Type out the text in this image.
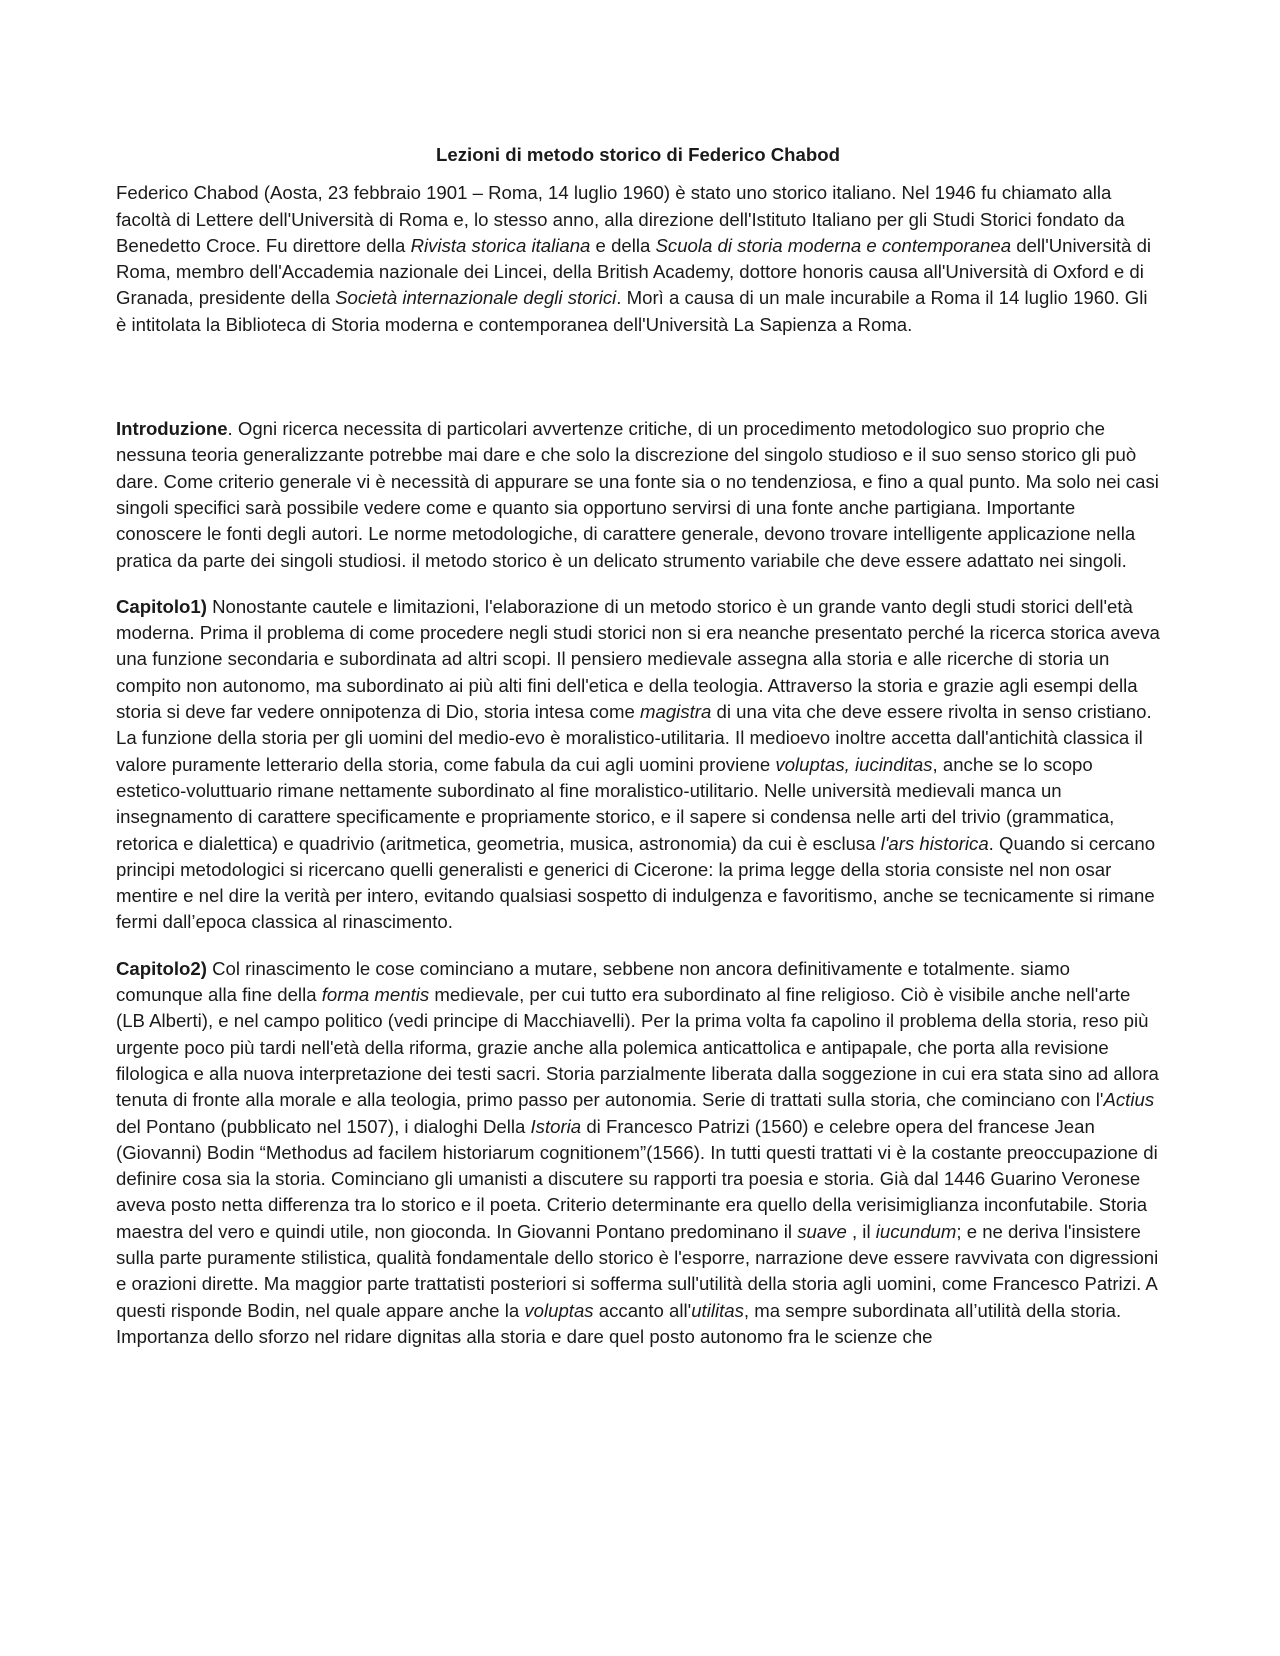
Lezioni di metodo storico di Federico Chabod

Federico Chabod (Aosta, 23 febbraio 1901 – Roma, 14 luglio 1960) è stato uno storico italiano. Nel 1946 fu chiamato alla facoltà di Lettere dell'Università di Roma e, lo stesso anno, alla direzione dell'Istituto Italiano per gli Studi Storici fondato da Benedetto Croce. Fu direttore della Rivista storica italiana e della Scuola di storia moderna e contemporanea dell'Università di Roma, membro dell'Accademia nazionale dei Lincei, della British Academy, dottore honoris causa all'Università di Oxford e di Granada, presidente della Società internazionale degli storici. Morì a causa di un male incurabile a Roma il 14 luglio 1960. Gli è intitolata la Biblioteca di Storia moderna e contemporanea dell'Università La Sapienza a Roma.

Introduzione. Ogni ricerca necessita di particolari avvertenze critiche, di un procedimento metodologico suo proprio che nessuna teoria generalizzante potrebbe mai dare e che solo la discrezione del singolo studioso e il suo senso storico gli può dare. Come criterio generale vi è necessità di appurare se una fonte sia o no tendenziosa, e fino a qual punto. Ma solo nei casi singoli specifici sarà possibile vedere come e quanto sia opportuno servirsi di una fonte anche partigiana. Importante conoscere le fonti degli autori. Le norme metodologiche, di carattere generale, devono trovare intelligente applicazione nella pratica da parte dei singoli studiosi. il metodo storico è un delicato strumento variabile che deve essere adattato nei singoli.

Capitolo1) Nonostante cautele e limitazioni, l'elaborazione di un metodo storico è un grande vanto degli studi storici dell'età moderna. Prima il problema di come procedere negli studi storici non si era neanche presentato perché la ricerca storica aveva una funzione secondaria e subordinata ad altri scopi. Il pensiero medievale assegna alla storia e alle ricerche di storia un compito non autonomo, ma subordinato ai più alti fini dell'etica e della teologia. Attraverso la storia e grazie agli esempi della storia si deve far vedere onnipotenza di Dio, storia intesa come magistra di una vita che deve essere rivolta in senso cristiano. La funzione della storia per gli uomini del medio-evo è moralistico-utilitaria. Il medioevo inoltre accetta dall'antichità classica il valore puramente letterario della storia, come fabula da cui agli uomini proviene voluptas, iucinditas, anche se lo scopo estetico-voluttuario rimane nettamente subordinato al fine moralistico-utilitario. Nelle università medievali manca un insegnamento di carattere specificamente e propriamente storico, e il sapere si condensa nelle arti del trivio (grammatica, retorica e dialettica) e quadrivio (aritmetica, geometria, musica, astronomia) da cui è esclusa l'ars historica. Quando si cercano principi metodologici si ricercano quelli generalisti e generici di Cicerone: la prima legge della storia consiste nel non osar mentire e nel dire la verità per intero, evitando qualsiasi sospetto di indulgenza e favoritismo, anche se tecnicamente si rimane fermi dall’epoca classica al rinascimento.

Capitolo2) Col rinascimento le cose cominciano a mutare, sebbene non ancora definitivamente e totalmente. siamo comunque alla fine della forma mentis medievale, per cui tutto era subordinato al fine religioso. Ciò è visibile anche nell'arte (LB Alberti), e nel campo politico (vedi principe di Macchiavelli). Per la prima volta fa capolino il problema della storia, reso più urgente poco più tardi nell'età della riforma, grazie anche alla polemica anticattolica e antipapale, che porta alla revisione filologica e alla nuova interpretazione dei testi sacri. Storia parzialmente liberata dalla soggezione in cui era stata sino ad allora tenuta di fronte alla morale e alla teologia, primo passo per autonomia. Serie di trattati sulla storia, che cominciano con l'Actius del Pontano (pubblicato nel 1507), i dialoghi Della Istoria di Francesco Patrizi (1560) e celebre opera del francese Jean (Giovanni) Bodin “Methodus ad facilem historiarum cognitionem”(1566). In tutti questi trattati vi è la costante preoccupazione di definire cosa sia la storia. Cominciano gli umanisti a discutere su rapporti tra poesia e storia. Già dal 1446 Guarino Veronese aveva posto netta differenza tra lo storico e il poeta. Criterio determinante era quello della verisimiglianza inconfutabile. Storia maestra del vero e quindi utile, non gioconda. In Giovanni Pontano predominano il suave , il iucundum; e ne deriva l'insistere sulla parte puramente stilistica, qualità fondamentale dello storico è l'esporre, narrazione deve essere ravvivata con digressioni e orazioni dirette. Ma maggior parte trattatisti posteriori si sofferma sull'utilità della storia agli uomini, come Francesco Patrizi. A questi risponde Bodin, nel quale appare anche la voluptas accanto all'utilitas, ma sempre subordinata all’utilità della storia. Importanza dello sforzo nel ridare dignitas alla storia e dare quel posto autonomo fra le scienze che
